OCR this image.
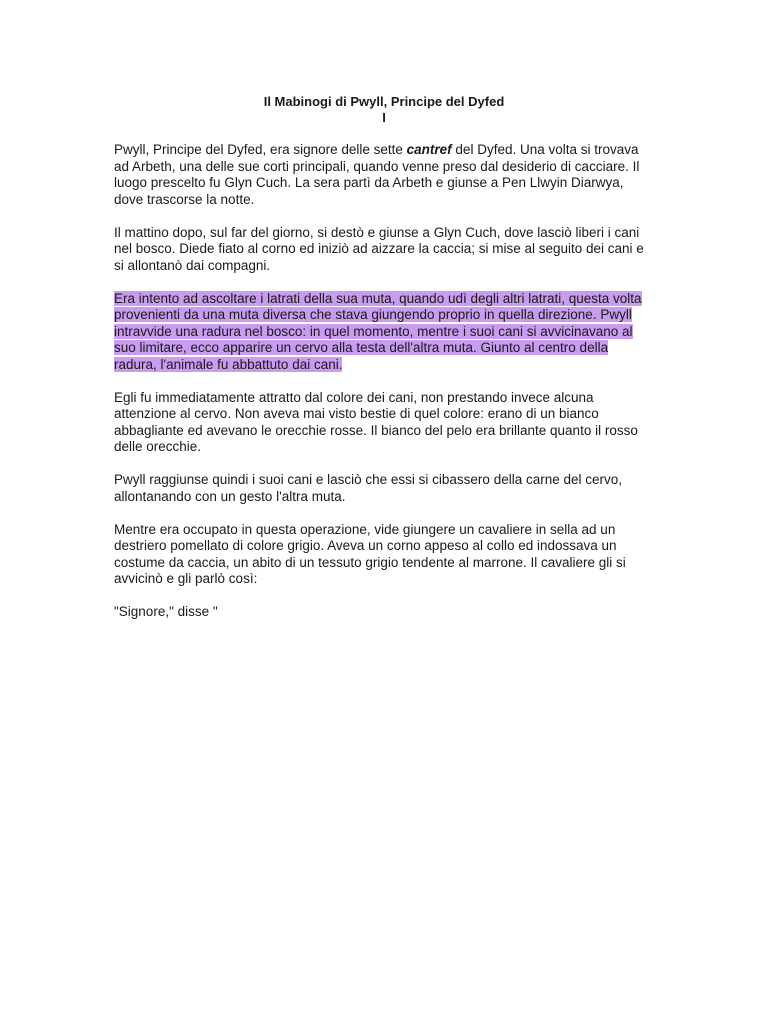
Il Mabinogi di Pwyll, Principe del Dyfed
I

Pwyll, Principe del Dyfed, era signore delle sette cantref del Dyfed. Una volta si trovava
ad Arbeth, una delle sue corti principali, quando venne preso dal desiderio di cacciare. Il
luogo prescelto fu Glyn Cuch. La sera partì da Arbeth e giunse a Pen Llwyin Diarwya,
dove trascorse la notte.

Il mattino dopo, sul far del giorno, si destò e giunse a Glyn Cuch, dove lasciò liberi i cani
nel bosco. Diede fiato al corno ed iniziò ad aizzare la caccia; si mise al seguito dei cani e
si allontanò dai compagni.

Era intento ad ascoltare i latrati della sua muta, quando udì degli altri latrati, questa volta
provenienti da una muta diversa che stava giungendo proprio in quella direzione. Pwyll
intravvide una radura nel bosco: in quel momento, mentre i suoi cani si avvicinavano al
suo limitare, ecco apparire un cervo alla testa dell'altra muta. Giunto al centro della
radura, l'animale fu abbattuto dai cani.

Egli fu immediatamente attratto dal colore dei cani, non prestando invece alcuna
attenzione al cervo. Non aveva mai visto bestie di quel colore: erano di un bianco
abbagliante ed avevano le orecchie rosse. Il bianco del pelo era brillante quanto il rosso
delle orecchie.

Pwyll raggiunse quindi i suoi cani e lasciò che essi si cibassero della carne del cervo,
allontanando con un gesto l'altra muta.

Mentre era occupato in questa operazione, vide giungere un cavaliere in sella ad un
destriero pomellato di colore grigio. Aveva un corno appeso al collo ed indossava un
costume da caccia, un abito di un tessuto grigio tendente al marrone. Il cavaliere gli si
avvicinò e gli parlò così:

"Signore," disse "
